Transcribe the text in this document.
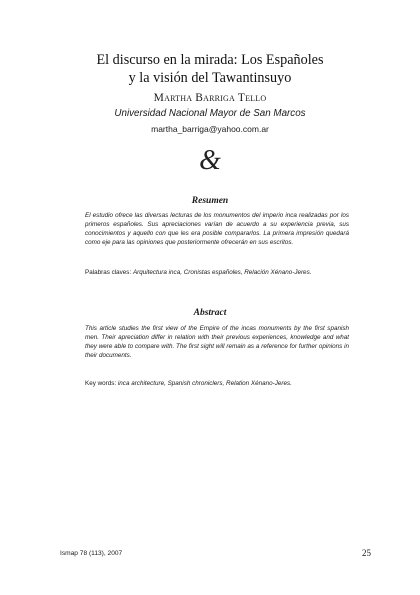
El discurso en la mirada: Los Españoles
y la visión del Tawantinsuyo
Martha Barriga Tello
Universidad Nacional Mayor de San Marcos
martha_barriga@yahoo.com.ar
&
Resumen

El estudio ofrece las diversas lecturas de los monumentos del imperio inca realizadas por los primeros españoles. Sus apreciaciones varían de acuerdo a su experiencia previa, sus conocimientos y aquello con que les era posible compararlos. La primera impresión quedará como eje para las opiniones que posteriormente ofrecerán en sus escritos.

Palabras claves: Arquitectura inca, Cronistas españoles, Relación Xénano-Jeres.

Abstract

This article studies the first view of the Empire of the incas monuments by the first spanish men. Their apreciation differ in relation with their previous experiences, knowledge and what they were able to compare with. The first sight will remain as a reference for further opinions in their documents.

Key words: inca architecture, Spanish chroniclers, Relation Xénano-Jeres.

Ismap 78 (113), 2007	25
